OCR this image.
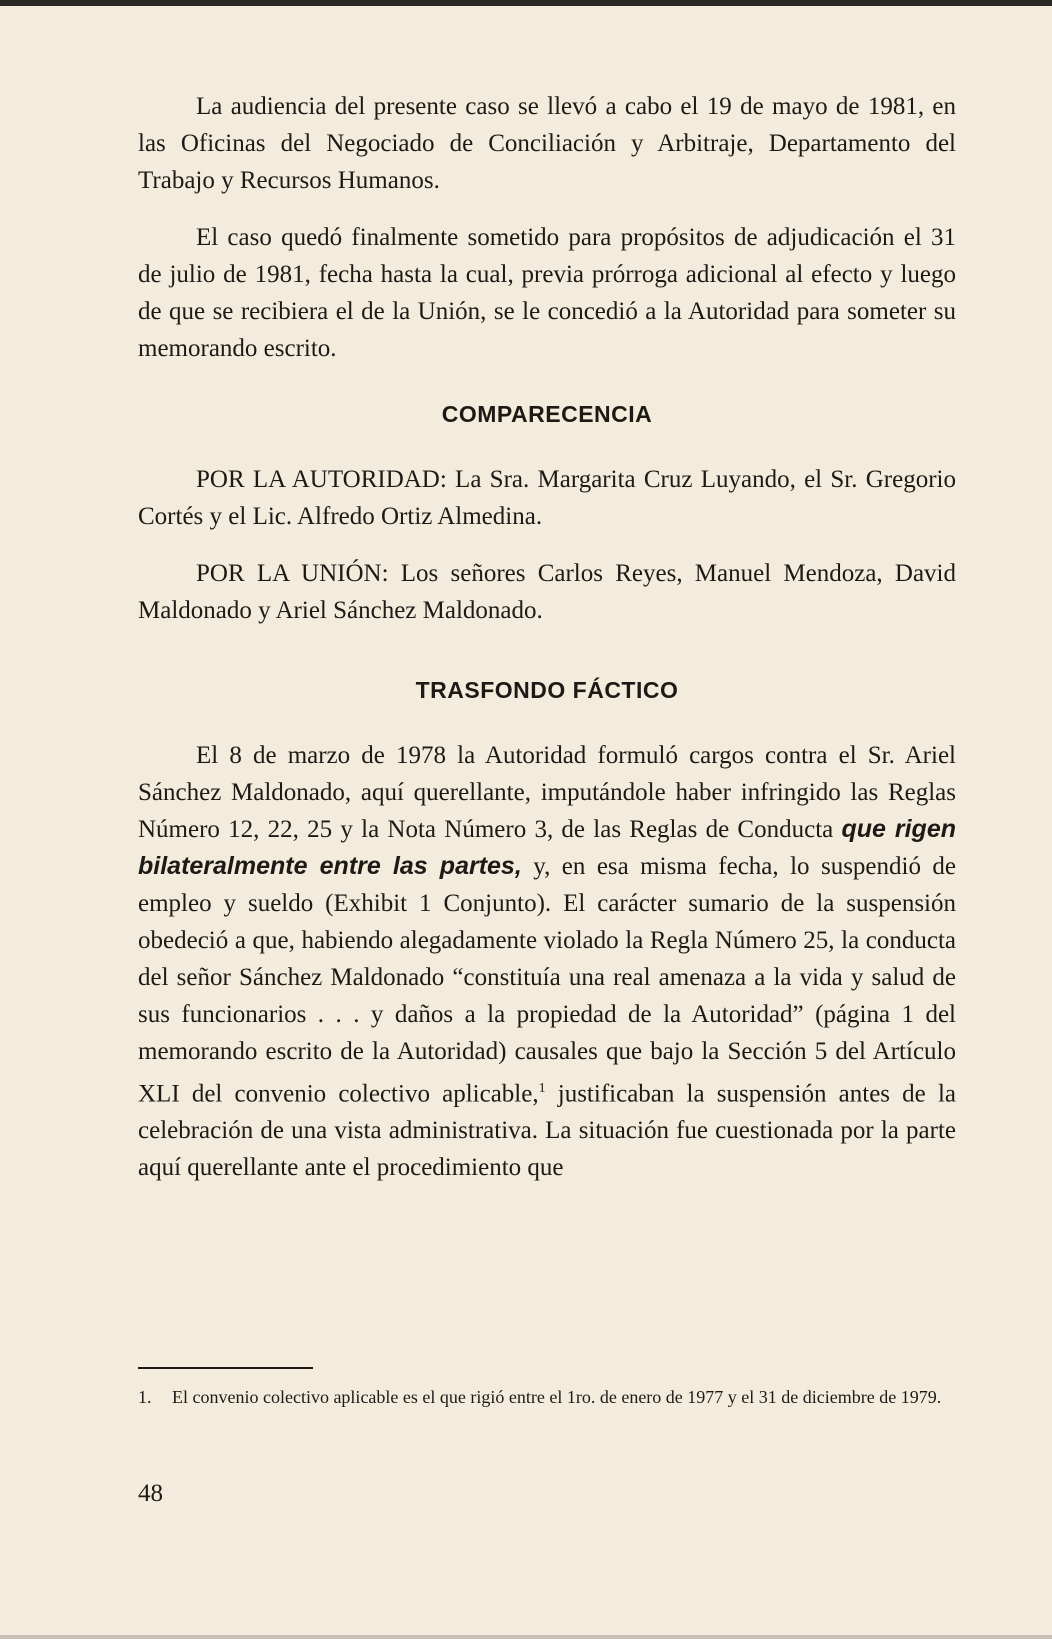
La audiencia del presente caso se llevó a cabo el 19 de mayo de 1981, en las Oficinas del Negociado de Conciliación y Arbitraje, Departamento del Trabajo y Recursos Humanos.

El caso quedó finalmente sometido para propósitos de adjudicación el 31 de julio de 1981, fecha hasta la cual, previa prórroga adicional al efecto y luego de que se recibiera el de la Unión, se le concedió a la Autoridad para someter su memorando escrito.

COMPARECENCIA

POR LA AUTORIDAD: La Sra. Margarita Cruz Luyando, el Sr. Gregorio Cortés y el Lic. Alfredo Ortiz Almedina.

POR LA UNIÓN: Los señores Carlos Reyes, Manuel Mendoza, David Maldonado y Ariel Sánchez Maldonado.

TRASFONDO FÁCTICO

El 8 de marzo de 1978 la Autoridad formuló cargos contra el Sr. Ariel Sánchez Maldonado, aquí querellante, imputándole haber infringido las Reglas Número 12, 22, 25 y la Nota Número 3, de las Reglas de Conducta que rigen bilateralmente entre las partes, y, en esa misma fecha, lo suspendió de empleo y sueldo (Exhibit 1 Conjunto). El carácter sumario de la suspensión obedeció a que, habiendo alegadamente violado la Regla Número 25, la conducta del señor Sánchez Maldonado “constituía una real amenaza a la vida y salud de sus funcionarios . . . y daños a la propiedad de la Autoridad” (página 1 del memorando escrito de la Autoridad) causales que bajo la Sección 5 del Artículo XLI del convenio colectivo aplicable,$^1$ justificaban la suspensión antes de la celebración de una vista administrativa. La situación fue cuestionada por la parte aquí querellante ante el procedimiento que

1. El convenio colectivo aplicable es el que rigió entre el 1ro. de enero de 1977 y el 31 de diciembre de 1979.
48
